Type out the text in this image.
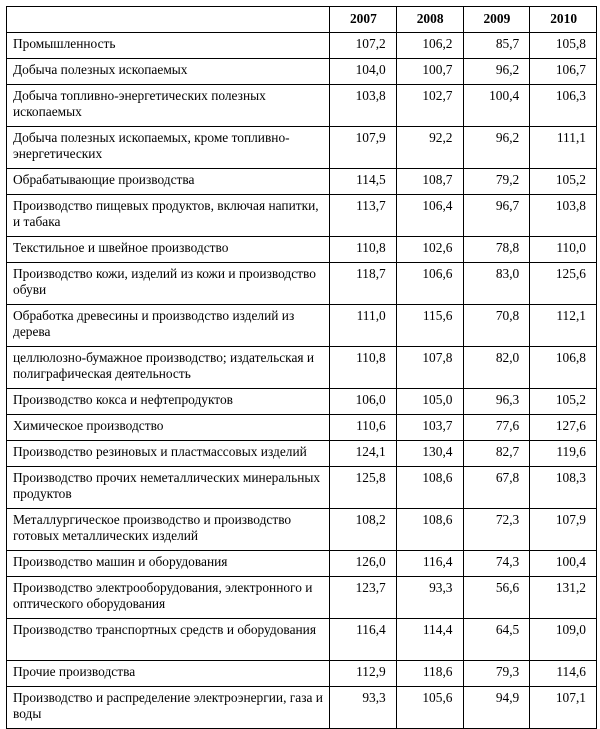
	2007	2008	2009	2010
Промышленность	107,2	106,2	85,7	105,8
Добыча полезных ископаемых	104,0	100,7	96,2	106,7
Добыча топливно-энергетических полезных ископаемых	103,8	102,7	100,4	106,3
Добыча полезных ископаемых, кроме топливно-энергетических	107,9	92,2	96,2	111,1
Обрабатывающие производства	114,5	108,7	79,2	105,2
Производство пищевых продуктов, включая напитки, и табака	113,7	106,4	96,7	103,8
Текстильное и швейное производство	110,8	102,6	78,8	110,0
Производство кожи, изделий из кожи и производство обуви	118,7	106,6	83,0	125,6
Обработка древесины и производство изделий из дерева	111,0	115,6	70,8	112,1
целлюлозно-бумажное производство; издательская и полиграфическая деятельность	110,8	107,8	82,0	106,8
Производство кокса и нефтепродуктов	106,0	105,0	96,3	105,2
Химическое производство	110,6	103,7	77,6	127,6
Производство резиновых и пластмассовых изделий	124,1	130,4	82,7	119,6
Производство прочих неметаллических минеральных продуктов	125,8	108,6	67,8	108,3
Металлургическое производство и производство готовых металлических изделий	108,2	108,6	72,3	107,9
Производство машин и оборудования	126,0	116,4	74,3	100,4
Производство электрооборудования, электронного и оптического оборудования	123,7	93,3	56,6	131,2
Производство транспортных средств и оборудования	116,4	114,4	64,5	109,0
Прочие производства	112,9	118,6	79,3	114,6
Производство и распределение электроэнергии, газа и воды	93,3	105,6	94,9	107,1
